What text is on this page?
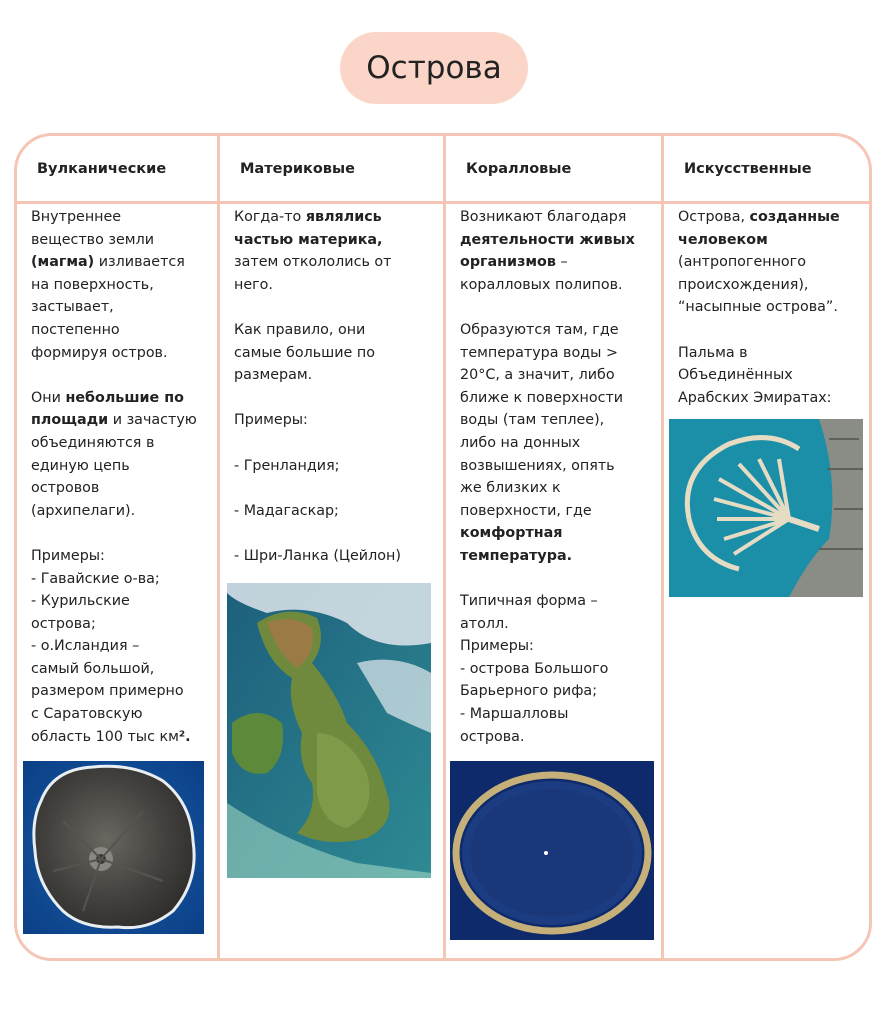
Острова
Вулканические

Внутреннее
вещество земли
(магма) изливается
на поверхность,
застывает,
постепенно
формируя остров.

Они небольшие по
площади и зачастую
объединяются в
единую цепь
островов
(архипелаги).

Примеры:
- Гавайские о-ва;
- Курильские
острова;
- о.Исландия –
самый большой,
размером примерно
с Саратовскую
область 100 тыс км².

Материковые

Когда-то являлись
частью материка,
затем откололись от
него.

Как правило, они
самые большие по
размерам.

Примеры:

- Гренландия;

- Мадагаскар;

- Шри-Ланка (Цейлон)

Коралловые

Возникают благодаря
деятельности живых
организмов –
коралловых полипов.

Образуются там, где
температура воды >
20°C, а значит, либо
ближе к поверхности
воды (там теплее),
либо на донных
возвышениях, опять
же близких к
поверхности, где
комфортная
температура.

Типичная форма –
атолл.
Примеры:
- острова Большого
Барьерного рифа;
- Маршалловы
острова.

Искусственные

Острова, созданные
человеком
(антропогенного
происхождения),
“насыпные острова”.

Пальма в
Объединённых
Арабских Эмиратах:
